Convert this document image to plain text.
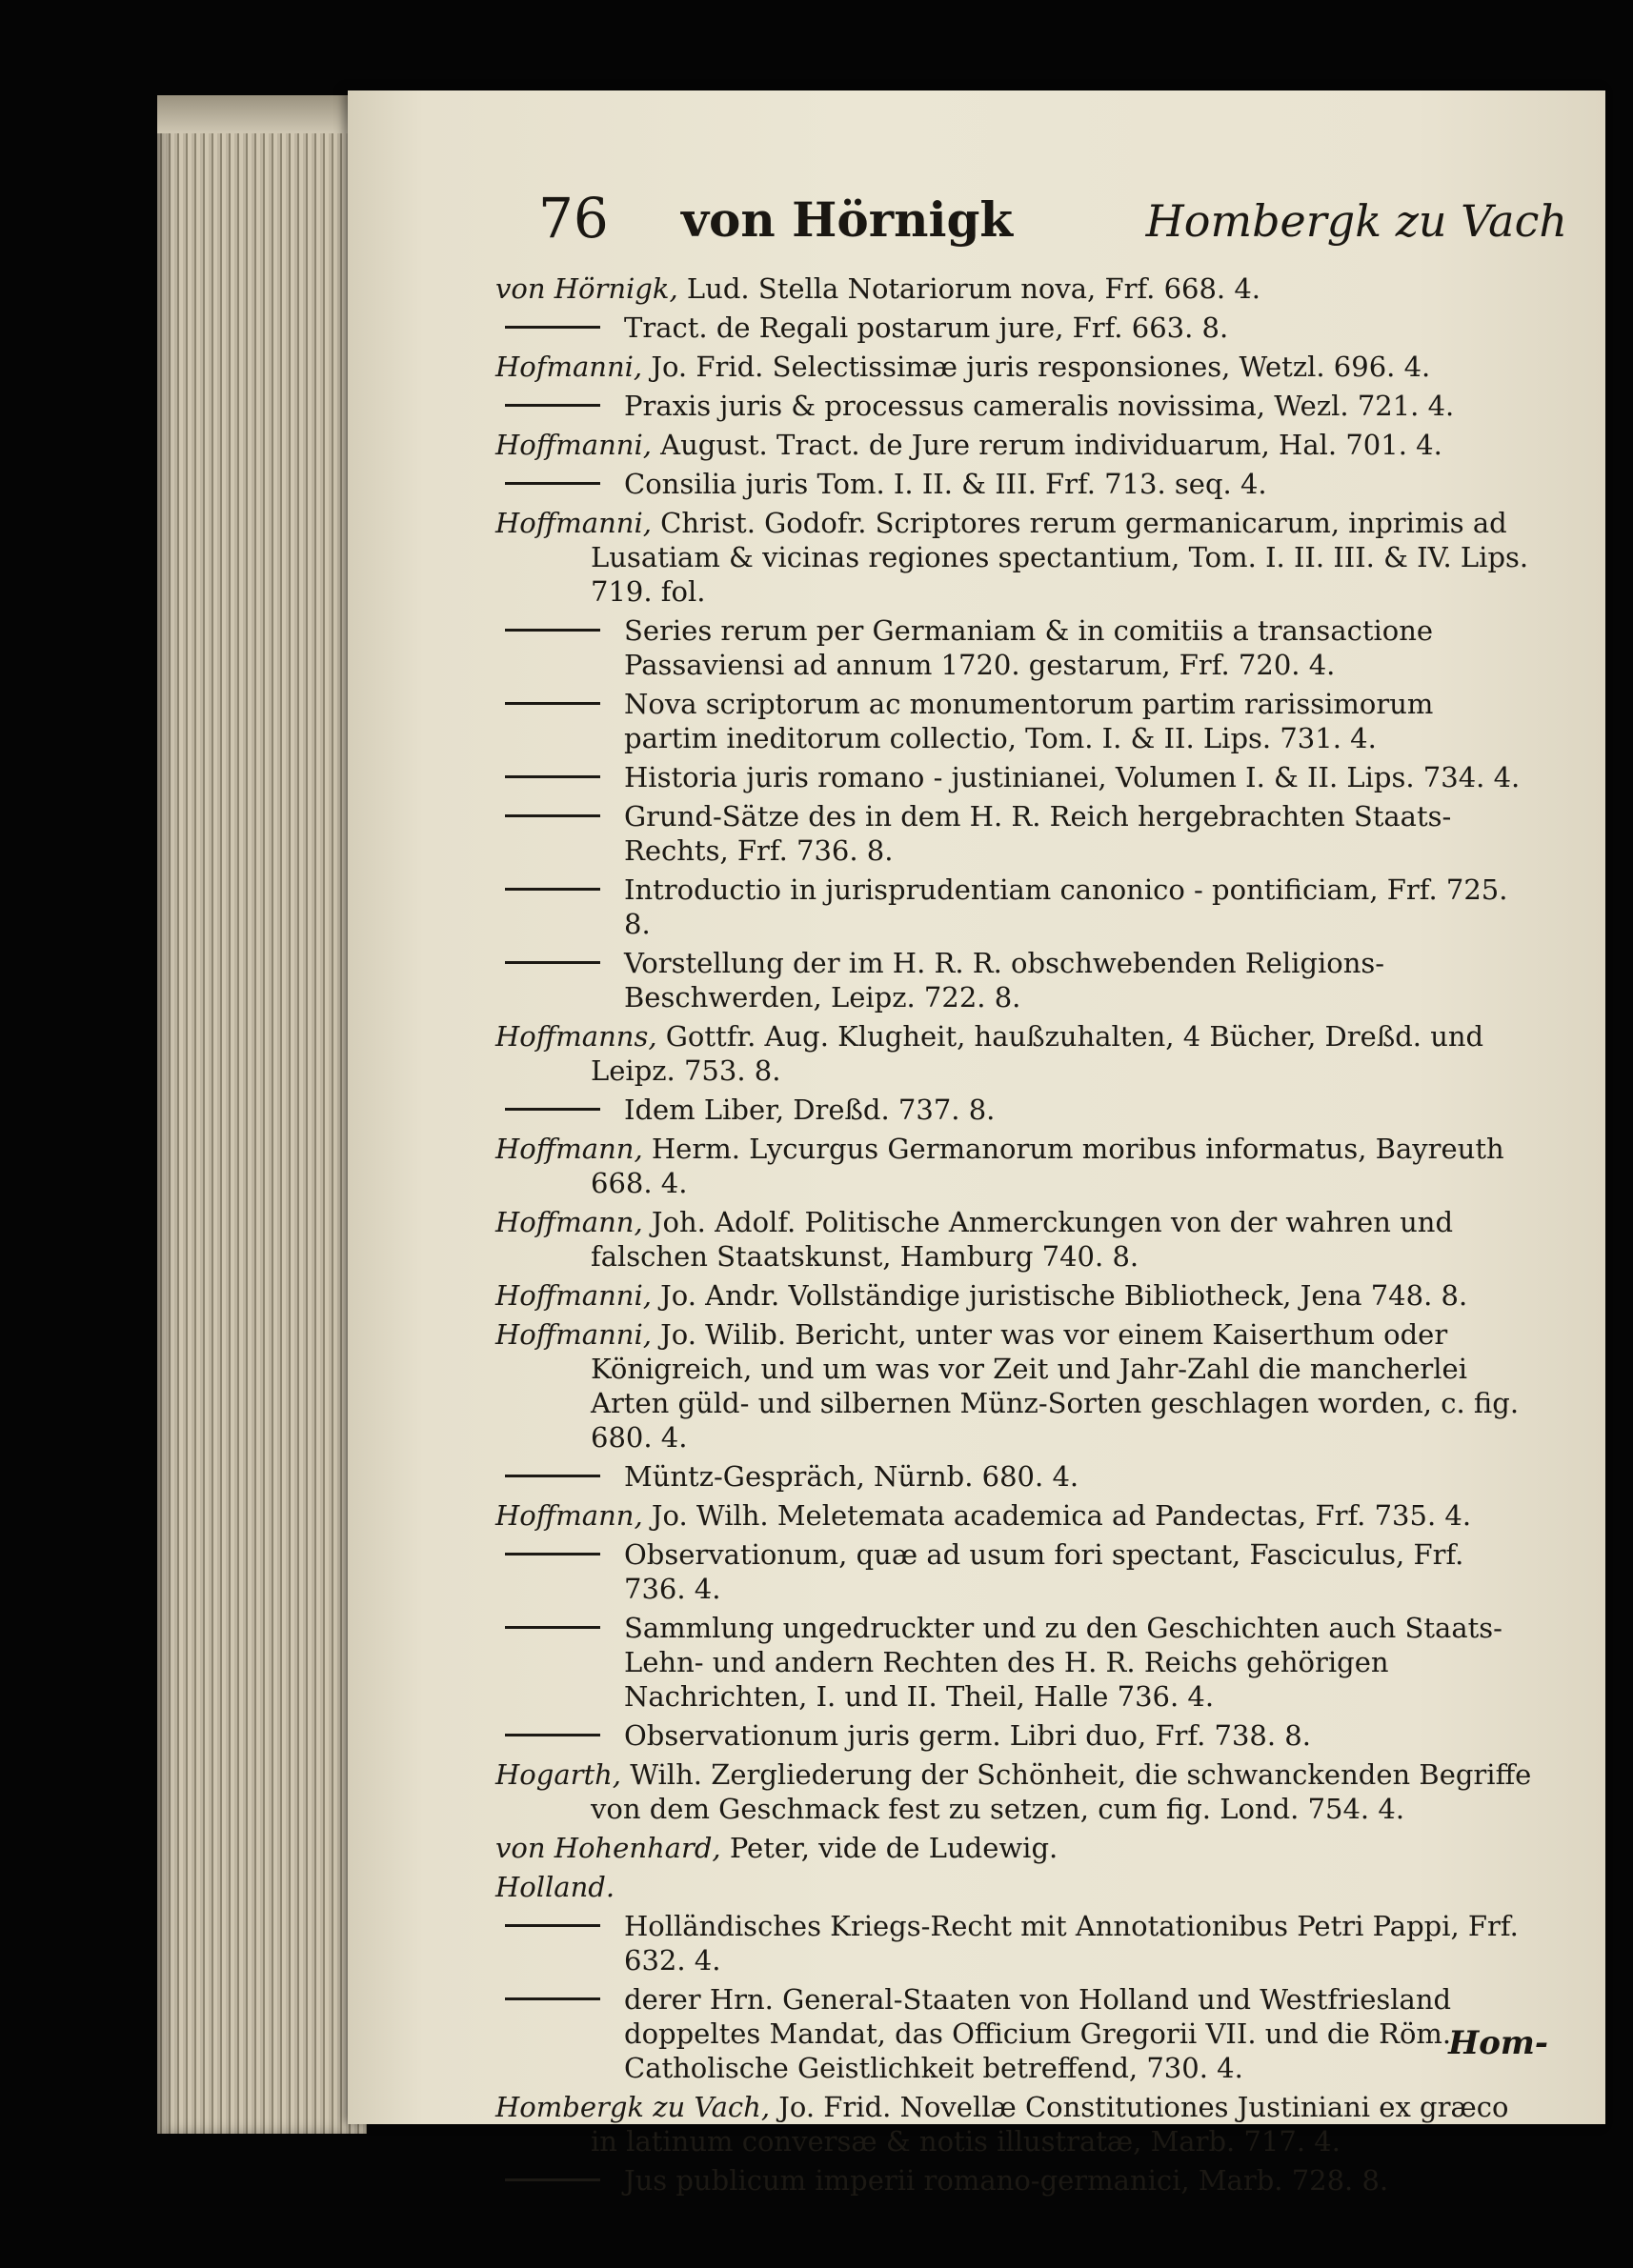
76 von Hörnigk	Hombergk zu Vach
von Hörnigk, Lud. Stella Notariorum nova, Frf. 668. 4.
Tract. de Regali postarum jure, Frf. 663. 8.
Hofmanni, Jo. Frid. Selectissimæ juris responsiones, Wetzl. 696. 4.
Praxis juris & processus cameralis novissima, Wezl. 721. 4.
Hoffmanni, August. Tract. de Jure rerum individuarum, Hal. 701. 4.
Consilia juris Tom. I. II. & III. Frf. 713. seq. 4.
Hoffmanni, Christ. Godofr. Scriptores rerum germanicarum, inprimis ad Lusatiam & vicinas regiones spectantium, Tom. I. II. III. & IV. Lips. 719. fol.
Series rerum per Germaniam & in comitiis a transactione Passaviensi ad annum 1720. gestarum, Frf. 720. 4.
Nova scriptorum ac monumentorum partim rarissimorum partim ineditorum collectio, Tom. I. & II. Lips. 731. 4.
Historia juris romano - justinianei, Volumen I. & II. Lips. 734. 4.
Grund-Sätze des in dem H. R. Reich hergebrachten Staats-Rechts, Frf. 736. 8.
Introductio in jurisprudentiam canonico - pontificiam, Frf. 725. 8.
Vorstellung der im H. R. R. obschwebenden Religions-Beschwerden, Leipz. 722. 8.
Hoffmanns, Gottfr. Aug. Klugheit, haußzuhalten, 4 Bücher, Dreßd. und Leipz. 753. 8.
Idem Liber, Dreßd. 737. 8.
Hoffmann, Herm. Lycurgus Germanorum moribus informatus, Bayreuth 668. 4.
Hoffmann, Joh. Adolf. Politische Anmerckungen von der wahren und falschen Staatskunst, Hamburg 740. 8.
Hoffmanni, Jo. Andr. Vollständige juristische Bibliotheck, Jena 748. 8.
Hoffmanni, Jo. Wilib. Bericht, unter was vor einem Kaiserthum oder Königreich, und um was vor Zeit und Jahr-Zahl die mancherlei Arten güld- und silbernen Münz-Sorten geschlagen worden, c. fig. 680. 4.
Müntz-Gespräch, Nürnb. 680. 4.
Hoffmann, Jo. Wilh. Meletemata academica ad Pandectas, Frf. 735. 4.
Observationum, quæ ad usum fori spectant, Fasciculus, Frf. 736. 4.
Sammlung ungedruckter und zu den Geschichten auch Staats- Lehn- und andern Rechten des H. R. Reichs gehörigen Nachrichten, I. und II. Theil, Halle 736. 4.
Observationum juris germ. Libri duo, Frf. 738. 8.
Hogarth, Wilh. Zergliederung der Schönheit, die schwanckenden Begriffe von dem Geschmack fest zu setzen, cum fig. Lond. 754. 4.
von Hohenhard, Peter, vide de Ludewig.
Holland.
Holländisches Kriegs-Recht mit Annotationibus Petri Pappi, Frf. 632. 4.
derer Hrn. General-Staaten von Holland und Westfriesland doppeltes Mandat, das Officium Gregorii VII. und die Röm. Catholische Geistlichkeit betreffend, 730. 4.
Hombergk zu Vach, Jo. Frid. Novellæ Constitutiones Justiniani ex græco in latinum conversæ & notis illustratæ, Marb. 717. 4.
Jus publicum imperii romano-germanici, Marb. 728. 8.
Hom-
